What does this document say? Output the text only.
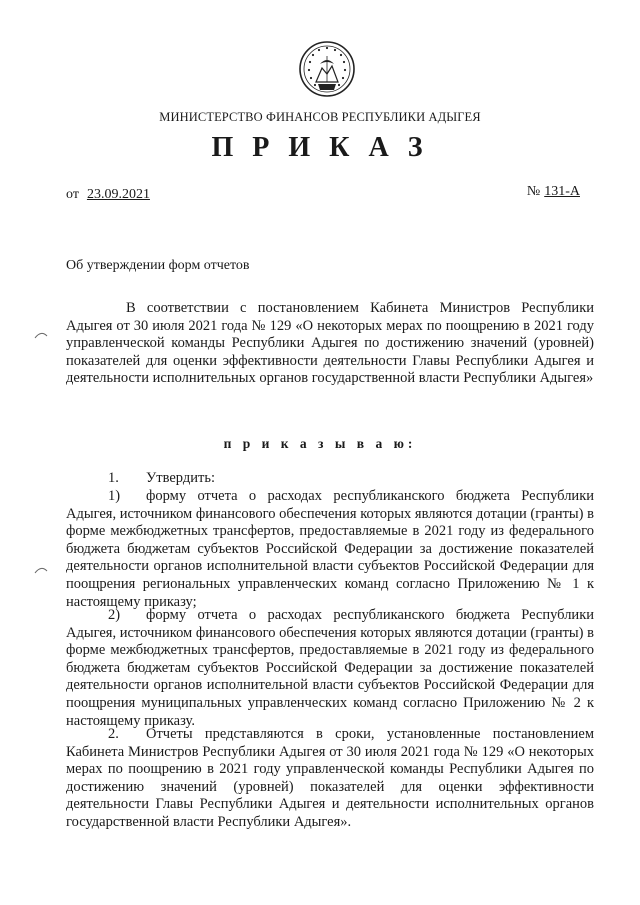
МИНИСТЕРСТВО ФИНАНСОВ РЕСПУБЛИКИ АДЫГЕЯ
П Р И К А З
от 23.09.2021	№ 131-А
Об утверждении форм отчетов
В соответствии с постановлением Кабинета Министров Республики Адыгея от 30 июля 2021 года № 129 «О некоторых мерах по поощрению в 2021 году управленческой команды Республики Адыгея по достижению значений (уровней) показателей для оценки эффективности деятельности Главы Республики Адыгея и деятельности исполнительных органов государственной власти Республики Адыгея»
п р и к а з ы в а ю:
1. Утвердить:
1) форму отчета о расходах республиканского бюджета Республики Адыгея, источником финансового обеспечения которых являются дотации (гранты) в форме межбюджетных трансфертов, предоставляемые в 2021 году из федерального бюджета бюджетам субъектов Российской Федерации за достижение показателей деятельности органов исполнительной власти субъектов Российской Федерации для поощрения региональных управленческих команд согласно Приложению № 1 к настоящему приказу;
2) форму отчета о расходах республиканского бюджета Республики Адыгея, источником финансового обеспечения которых являются дотации (гранты) в форме межбюджетных трансфертов, предоставляемые в 2021 году из федерального бюджета бюджетам субъектов Российской Федерации за достижение показателей деятельности органов исполнительной власти субъектов Российской Федерации для поощрения муниципальных управленческих команд согласно Приложению № 2 к настоящему приказу.
2. Отчеты представляются в сроки, установленные постановлением Кабинета Министров Республики Адыгея от 30 июля 2021 года № 129 «О некоторых мерах по поощрению в 2021 году управленческой команды Республики Адыгея по достижению значений (уровней) показателей для оценки эффективности деятельности Главы Республики Адыгея и деятельности исполнительных органов государственной власти Республики Адыгея».
